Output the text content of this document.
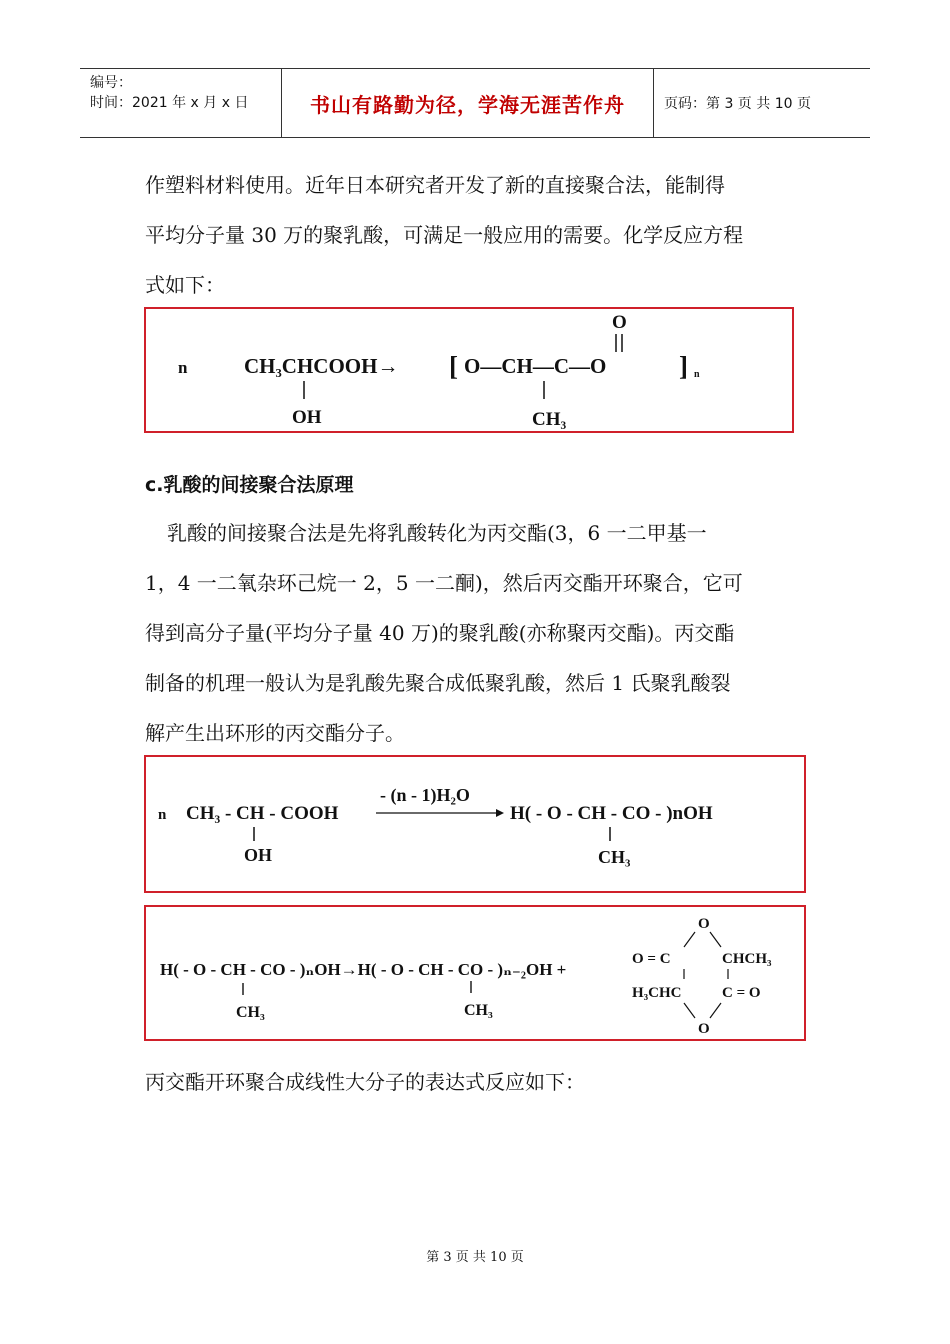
编号：
时间：2021 年 x 月 x 日	书山有路勤为径，学海无涯苦作舟	页码：第 3 页 共 10 页

作塑料材料使用。近年日本研究者开发了新的直接聚合法，能制得
平均分子量 30 万的聚乳酸，可满足一般应用的需要。化学反应方程
式如下：

n	CH₃CHCOOH→ [ O—CH—C—O	] n
O
OH	CH₃
c.乳酸的间接聚合法原理

乳酸的间接聚合法是先将乳酸转化为丙交酯(3，6 一二甲基一
1，4 一二氧杂环己烷一 2，5 一二酮)，然后丙交酯开环聚合，它可
得到高分子量(平均分子量 40 万)的聚乳酸(亦称聚丙交酯)。丙交酯
制备的机理一般认为是乳酸先聚合成低聚乳酸，然后 1 氏聚乳酸裂
解产生出环形的丙交酯分子。

n CH₃ - CH - COOH
- (n - 1)H₂O
H( - O - CH - CO - )nOH
OH	CH₃
H( - O - CH - CO - )ₙOH→H( - O - CH - CO - )ₙ₋₂OH +
CH₃	CH₃
O
O = C	CHCH₃
H₃CHC	C = O
O

丙交酯开环聚合成线性大分子的表达式反应如下：

第 3 页 共 10 页
